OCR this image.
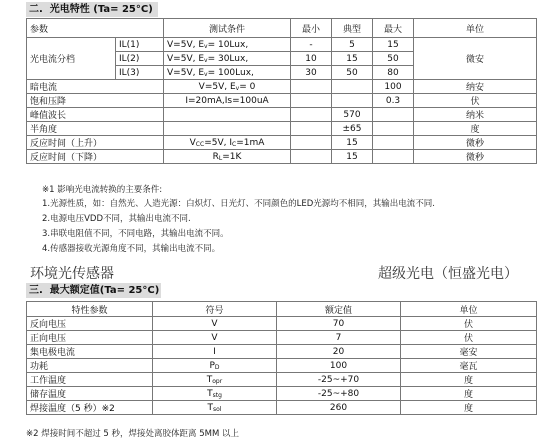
二.  光电特性 (Ta= 25°C)
参数		测试条件	最小	典型	最大	单位
光电流分档	IL(1)	V=5V, $E_v= 10Lux$,	-	5	15	微安
	IL(2)	V=5V, $E_v= 30Lux$,	10	15	50	
	IL(3)	V=5V, $E_v= 100Lux$,	30	50	80	
暗电流		V=5V, $E_v= 0$			100	纳安
饱和压降		I=20mA,Is=100uA			0.3	伏
峰值波长				570		纳米
半角度				±65		度
反应时间（上升）		$V_{CC}=5V$, $I_C=1mA$		15		微秒
反应时间（下降）		$R_L=1K$		15		微秒
※1 影响光电流转换的主要条件:
1.光源性质，如：自然光、人造光源：白炽灯、日光灯、不同颜色的LED光源均不相同，其输出电流不同.
2.电源电压VDD不同，其输出电流不同.
3.串联电阻值不同，不同电路，其输出电流不同。
4.传感器接收光源角度不同，其输出电流不同。
环境光传感器	超级光电（恒盛光电）
三.  最大额定值(Ta= 25°C)
特性参数	符号	额定值	单位
反向电压	V	70	伏
正向电压	V	7	伏
集电极电流	I	20	毫安
功耗	$P_D$	100	毫瓦
工作温度	$T_{opr}$	-25~+70	度
储存温度	$T_{stg}$	-25~+80	度
焊接温度（5 秒）※2	$T_{sol}$	260	度
※2 焊接时间不超过 5 秒，焊接处离胶体距离 5MM 以上
